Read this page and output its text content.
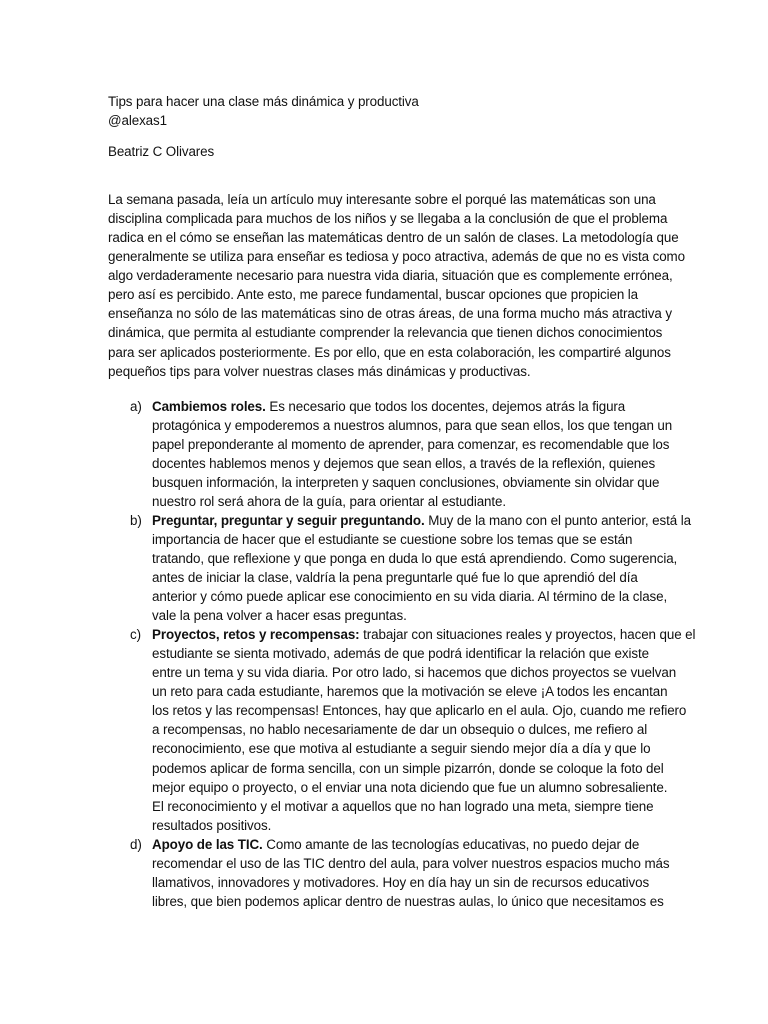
Tips para hacer una clase más dinámica y productiva
@alexas1
Beatriz C Olivares
La semana pasada, leía un artículo muy interesante sobre el porqué las matemáticas son una
disciplina complicada para muchos de los niños y se llegaba a la conclusión de que el problema
radica en el cómo se enseñan las matemáticas dentro de un salón de clases. La metodología que
generalmente se utiliza para enseñar es tediosa y poco atractiva, además de que no es vista como
algo verdaderamente necesario para nuestra vida diaria, situación que es complemente errónea,
pero así es percibido. Ante esto, me parece fundamental, buscar opciones que propicien la
enseñanza no sólo de las matemáticas sino de otras áreas, de una forma mucho más atractiva y
dinámica, que permita al estudiante comprender la relevancia que tienen dichos conocimientos
para ser aplicados posteriormente. Es por ello, que en esta colaboración, les compartiré algunos
pequeños tips para volver nuestras clases más dinámicas y productivas.
a) Cambiemos roles. Es necesario que todos los docentes, dejemos atrás la figura
protagónica y empoderemos a nuestros alumnos, para que sean ellos, los que tengan un
papel preponderante al momento de aprender, para comenzar, es recomendable que los
docentes hablemos menos y dejemos que sean ellos, a través de la reflexión, quienes
busquen información, la interpreten y saquen conclusiones, obviamente sin olvidar que
nuestro rol será ahora de la guía, para orientar al estudiante.
b) Preguntar, preguntar y seguir preguntando. Muy de la mano con el punto anterior, está la
importancia de hacer que el estudiante se cuestione sobre los temas que se están
tratando, que reflexione y que ponga en duda lo que está aprendiendo. Como sugerencia,
antes de iniciar la clase, valdría la pena preguntarle qué fue lo que aprendió del día
anterior y cómo puede aplicar ese conocimiento en su vida diaria. Al término de la clase,
vale la pena volver a hacer esas preguntas.
c) Proyectos, retos y recompensas: trabajar con situaciones reales y proyectos, hacen que el
estudiante se sienta motivado, además de que podrá identificar la relación que existe
entre un tema y su vida diaria. Por otro lado, si hacemos que dichos proyectos se vuelvan
un reto para cada estudiante, haremos que la motivación se eleve ¡A todos les encantan
los retos y las recompensas! Entonces, hay que aplicarlo en el aula. Ojo, cuando me refiero
a recompensas, no hablo necesariamente de dar un obsequio o dulces, me refiero al
reconocimiento, ese que motiva al estudiante a seguir siendo mejor día a día y que lo
podemos aplicar de forma sencilla, con un simple pizarrón, donde se coloque la foto del
mejor equipo o proyecto, o el enviar una nota diciendo que fue un alumno sobresaliente.
El reconocimiento y el motivar a aquellos que no han logrado una meta, siempre tiene
resultados positivos.
d) Apoyo de las TIC. Como amante de las tecnologías educativas, no puedo dejar de
recomendar el uso de las TIC dentro del aula, para volver nuestros espacios mucho más
llamativos, innovadores y motivadores. Hoy en día hay un sin de recursos educativos
libres, que bien podemos aplicar dentro de nuestras aulas, lo único que necesitamos es
